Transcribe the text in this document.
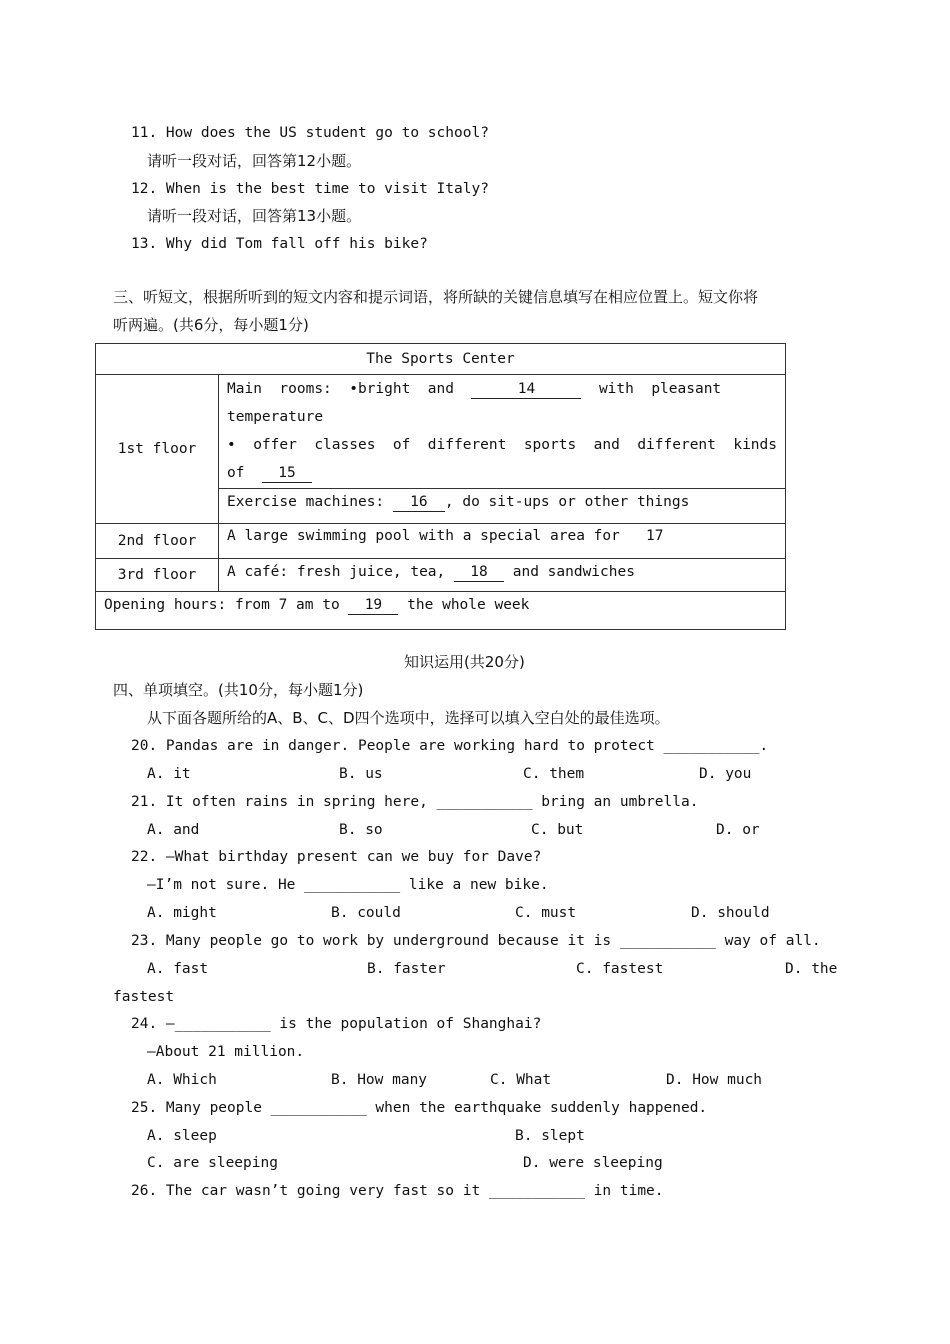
11. How does the US student go to school?
请听一段对话，回答第12小题。
12. When is the best time to visit Italy?
请听一段对话，回答第13小题。
13. Why did Tom fall off his bike?
三、听短文，根据所听到的短文内容和提示词语，将所缺的关键信息填写在相应位置上。短文你将
听两遍。(共6分，每小题1分)
The Sports Center	
1st floor	Main  rooms:  •bright  and 14 with  pleasant
temperature
•  offer  classes  of  different  sports  and  different  kinds
of 15

	Exercise machines: 16 , do sit-ups or other things

2nd floor	A large swimming pool with a special area for   17

3rd floor	A café: fresh juice, tea, 18 and sandwiches

Opening hours: from 7 am to 19 the whole week	
知识运用(共20分)
四、单项填空。(共10分，每小题1分)
从下面各题所给的A、B、C、D四个选项中，选择可以填入空白处的最佳选项。
20. Pandas are in danger. People are working hard to protect ___________.
A. it	B. us	C. them	D. you
21. It often rains in spring here, ___________ bring an umbrella.
A. and	B. so	C. but	D. or
22. —What birthday present can we buy for Dave?
—I’m not sure. He ___________ like a new bike.
A. might	B. could	C. must	D. should
23. Many people go to work by underground because it is ___________ way of all.
A. fast	B. faster	C. fastest	D. the
fastest
24. —___________ is the population of Shanghai?
—About 21 million.
A. Which	B. How many	C. What	D. How much
25. Many people ___________ when the earthquake suddenly happened.
A. sleep	B. slept
C. are sleeping	D. were sleeping
26. The car wasn’t going very fast so it ___________ in time.
